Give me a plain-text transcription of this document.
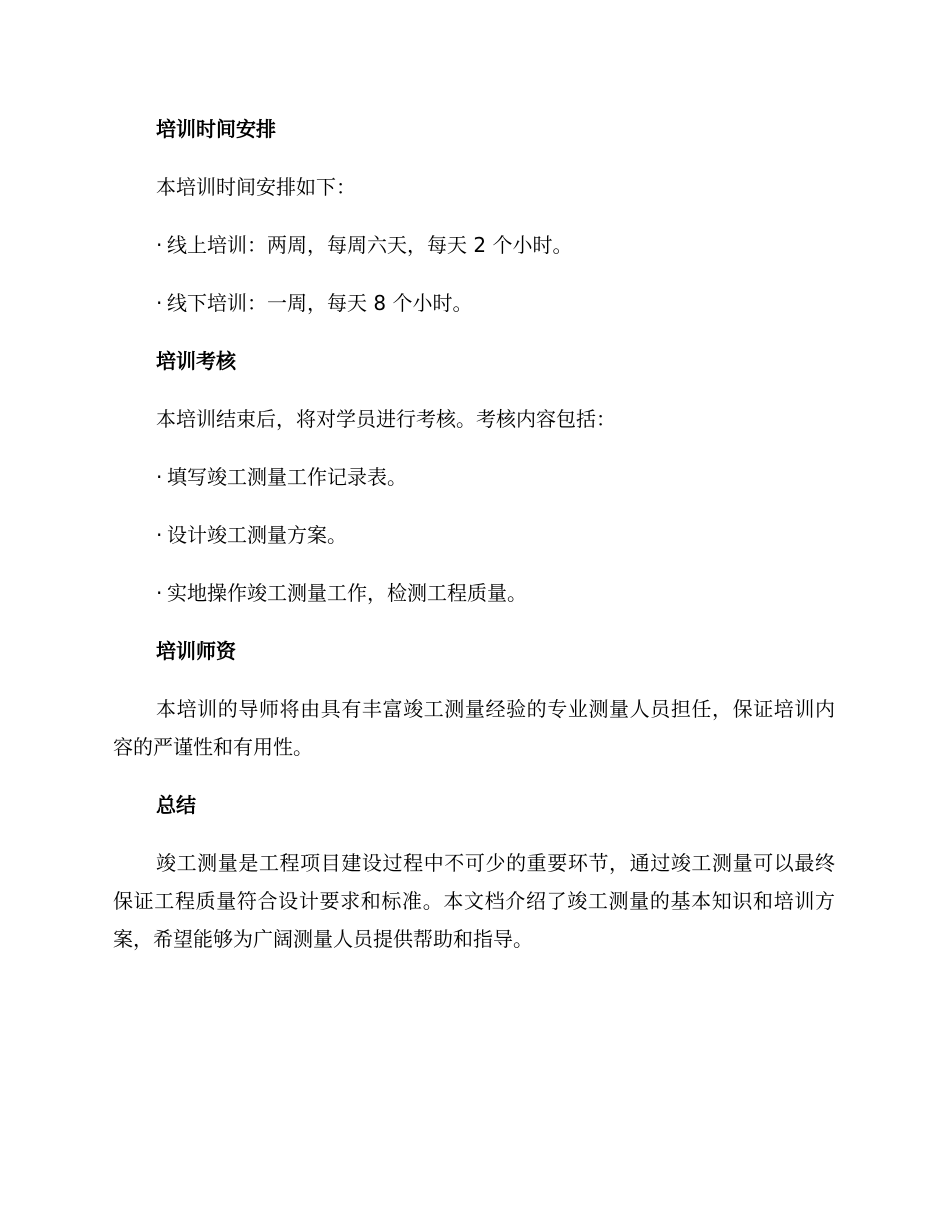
培训时间安排
本培训时间安排如下：
· 线上培训：两周，每周六天，每天 2 个小时。
· 线下培训：一周，每天 8 个小时。
培训考核
本培训结束后，将对学员进行考核。考核内容包括：
· 填写竣工测量工作记录表。
· 设计竣工测量方案。
· 实地操作竣工测量工作，检测工程质量。
培训师资
本培训的导师将由具有丰富竣工测量经验的专业测量人员担任，保证培训内容的严谨性和有用性。
总结
竣工测量是工程项目建设过程中不可少的重要环节，通过竣工测量可以最终保证工程质量符合设计要求和标准。本文档介绍了竣工测量的基本知识和培训方案，希望能够为广阔测量人员提供帮助和指导。
